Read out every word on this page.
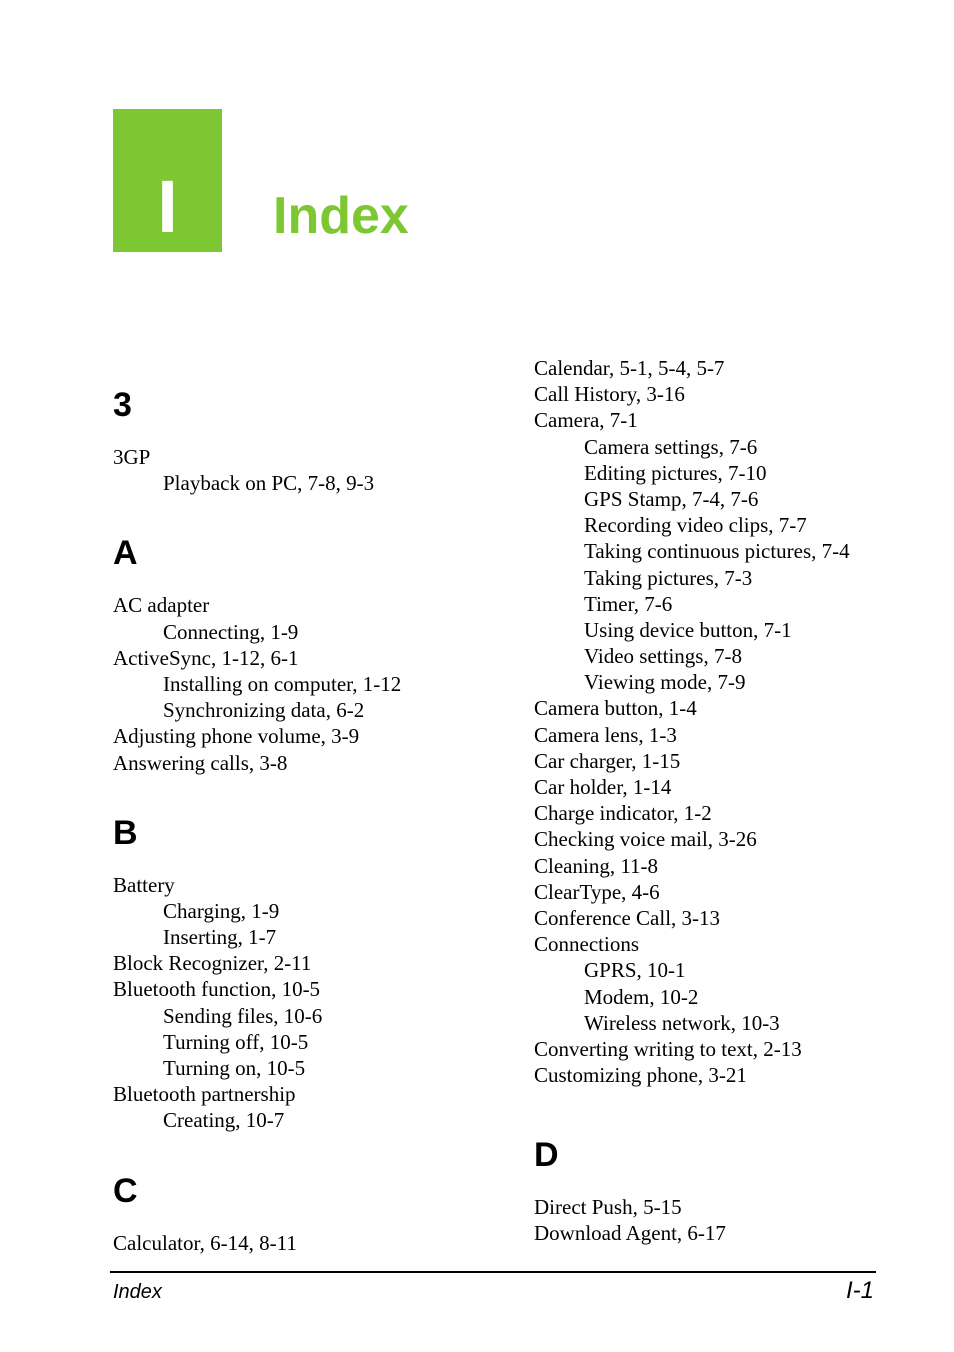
I	Index
3
3GP
Playback on PC, 7-8, 9-3
A
AC adapter
Connecting, 1-9
ActiveSync, 1-12, 6-1
Installing on computer, 1-12
Synchronizing data, 6-2
Adjusting phone volume, 3-9
Answering calls, 3-8
B
Battery
Charging, 1-9
Inserting, 1-7
Block Recognizer, 2-11
Bluetooth function, 10-5
Sending files, 10-6
Turning off, 10-5
Turning on, 10-5
Bluetooth partnership
Creating, 10-7
C
Calculator, 6-14, 8-11
Calendar, 5-1, 5-4, 5-7
Call History, 3-16
Camera, 7-1
Camera settings, 7-6
Editing pictures, 7-10
GPS Stamp, 7-4, 7-6
Recording video clips, 7-7
Taking continuous pictures, 7-4
Taking pictures, 7-3
Timer, 7-6
Using device button, 7-1
Video settings, 7-8
Viewing mode, 7-9
Camera button, 1-4
Camera lens, 1-3
Car charger, 1-15
Car holder, 1-14
Charge indicator, 1-2
Checking voice mail, 3-26
Cleaning, 11-8
ClearType, 4-6
Conference Call, 3-13
Connections
GPRS, 10-1
Modem, 10-2
Wireless network, 10-3
Converting writing to text, 2-13
Customizing phone, 3-21
D
Direct Push, 5-15
Download Agent, 6-17
Index	I-1
